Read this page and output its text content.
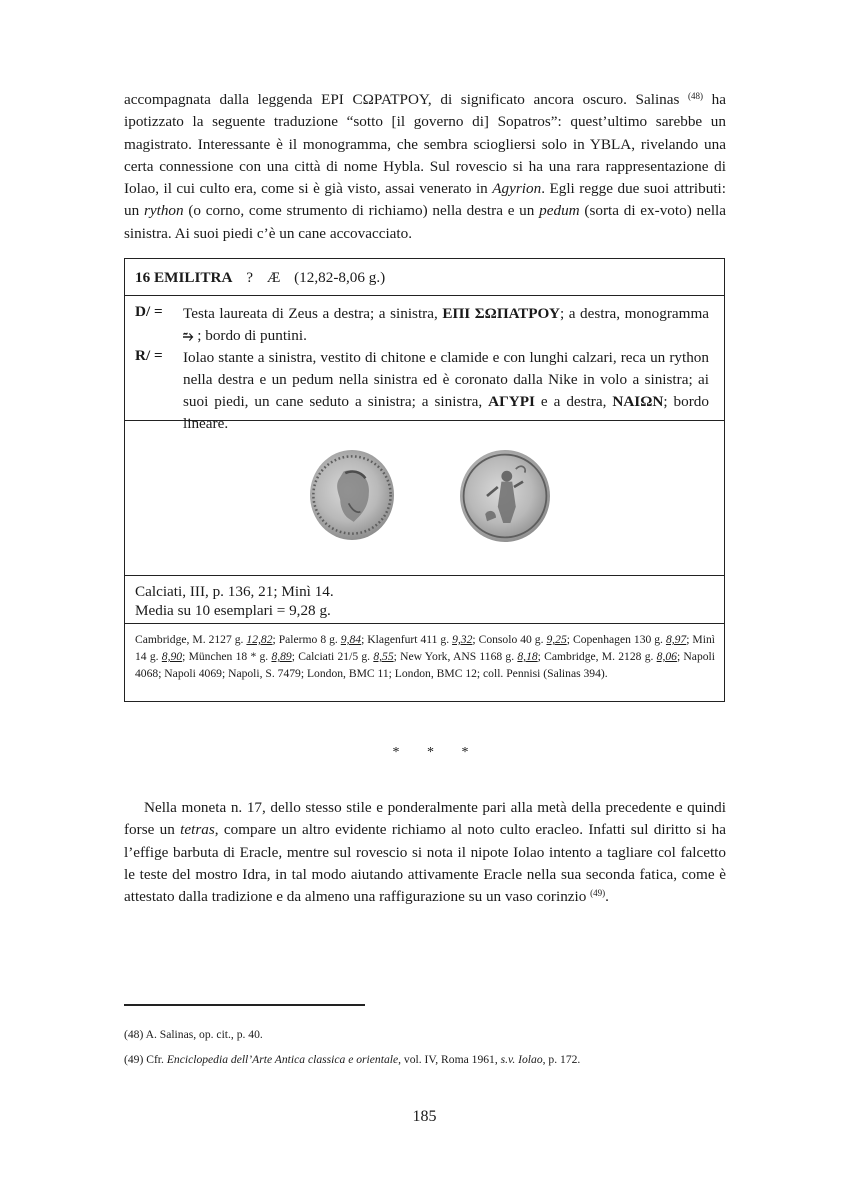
accompagnata dalla leggenda EPI CΩPATPOY, di significato ancora oscuro. Salinas $^{(48)}$ ha ipotizzato la seguente traduzione “sotto [il governo di] Sopatros”: quest’ultimo sarebbe un magistrato. Interessante è il monogramma, che sembra sciogliersi solo in YBLA, rivelando una certa connessione con una città di nome Hybla. Sul rovescio si ha una rara rappresentazione di Iolao, il cui culto era, come si è già visto, assai venerato in Agyrion. Egli regge due suoi attributi: un rython (o corno, come strumento di richiamo) nella destra e un pedum (sorta di ex-voto) nella sinistra. Ai suoi piedi c’è un cane accovacciato.

16 EMILITRA ? Æ (12,82-8,06 g.)
D/ = Testa laureata di Zeus a destra; a sinistra, ΕΠΙ ΣΩΠΑΤΡΟΥ; a destra, monogramma ⥲ ; bordo di puntini.
R/ = Iolao stante a sinistra, vestito di chitone e clamide e con lunghi calzari, reca un rython nella destra e un pedum nella sinistra ed è coronato dalla Nike in volo a sinistra; ai suoi piedi, un cane seduto a sinistra; a sinistra, ΑΓΥΡΙ e a destra, ΝΑΙΩΝ; bordo lineare.
Calciati, III, p. 136, 21; Minì 14.
Media su 10 esemplari = 9,28 g.
Cambridge, M. 2127 g. 12,82; Palermo 8 g. 9,84; Klagenfurt 411 g. 9,32; Consolo 40 g. 9,25; Copenhagen 130 g. 8,97; Minì 14 g. 8,90; München 18 * g. 8,89; Calciati 21/5 g. 8,55; New York, ANS 1168 g. 8,18; Cambridge, M. 2128 g. 8,06; Napoli 4068; Napoli 4069; Napoli, S. 7479; London, BMC 11; London, BMC 12; coll. Pennisi (Salinas 394).
* * *

Nella moneta n. 17, dello stesso stile e ponderalmente pari alla metà della precedente e quindi forse un tetras, compare un altro evidente richiamo al noto culto eracleo. Infatti sul diritto si ha l’effige barbuta di Eracle, mentre sul rovescio si nota il nipote Iolao intento a tagliare col falcetto le teste del mostro Idra, in tal modo aiutando attivamente Eracle nella sua seconda fatica, come è attestato dalla tradizione e da almeno una raffigurazione su un vaso corinzio $^{(49)}$.

(48) A. Salinas, op. cit., p. 40.
(49) Cfr. Enciclopedia dell’Arte Antica classica e orientale, vol. IV, Roma 1961, s.v. Iolao, p. 172.
185
